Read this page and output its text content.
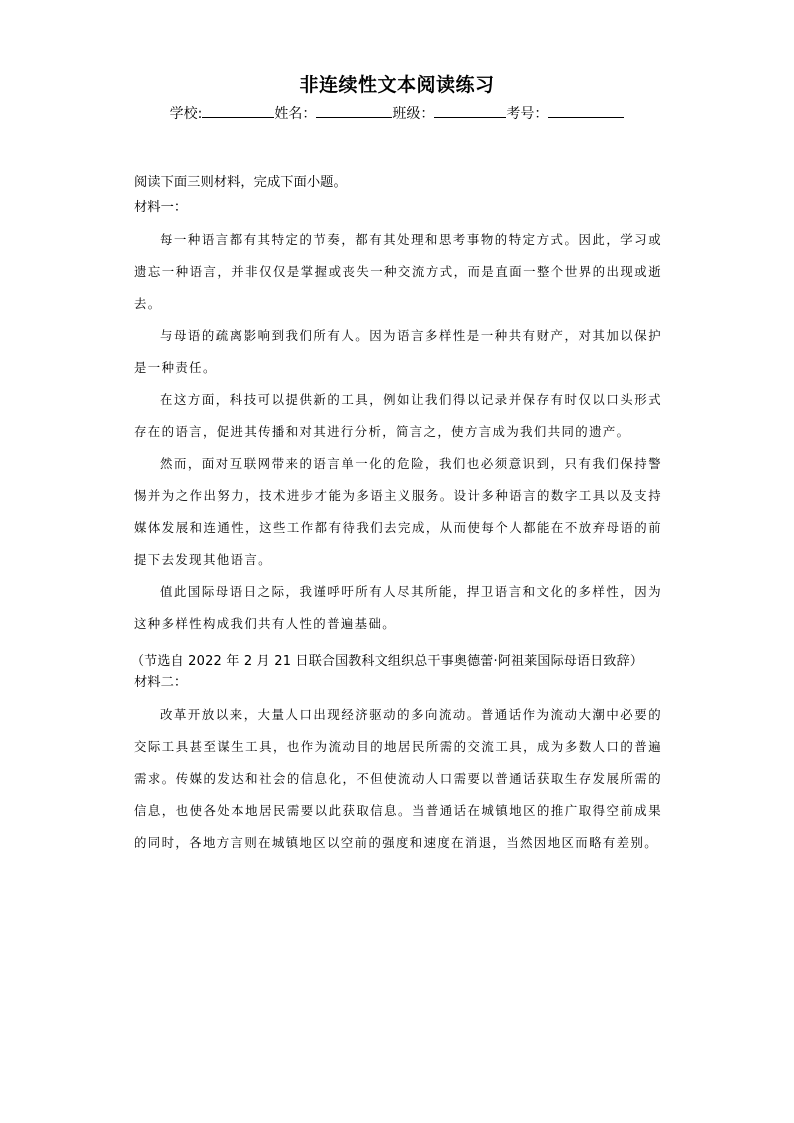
非连续性文本阅读练习
学校:	姓名：	班级：	考号：
阅读下面三则材料，完成下面小题。
材料一：
每一种语言都有其特定的节奏，都有其处理和思考事物的特定方式。因此，学习或遗忘一种语言，并非仅仅是掌握或丧失一种交流方式，而是直面一整个世界的出现或逝去。
与母语的疏离影响到我们所有人。因为语言多样性是一种共有财产，对其加以保护是一种责任。
在这方面，科技可以提供新的工具，例如让我们得以记录并保存有时仅以口头形式存在的语言，促进其传播和对其进行分析，简言之，使方言成为我们共同的遗产。
然而，面对互联网带来的语言单一化的危险，我们也必须意识到，只有我们保持警惕并为之作出努力，技术进步才能为多语主义服务。设计多种语言的数字工具以及支持媒体发展和连通性，这些工作都有待我们去完成，从而使每个人都能在不放弃母语的前提下去发现其他语言。
值此国际母语日之际，我谨呼吁所有人尽其所能，捍卫语言和文化的多样性，因为这种多样性构成我们共有人性的普遍基础。
（节选自 2022 年 2 月 21 日联合国教科文组织总干事奥德蕾·阿祖莱国际母语日致辞）
材料二：
改革开放以来，大量人口出现经济驱动的多向流动。普通话作为流动大潮中必要的交际工具甚至谋生工具，也作为流动目的地居民所需的交流工具，成为多数人口的普遍需求。传媒的发达和社会的信息化，不但使流动人口需要以普通话获取生存发展所需的信息，也使各处本地居民需要以此获取信息。当普通话在城镇地区的推广取得空前成果的同时，各地方言则在城镇地区以空前的强度和速度在消退，当然因地区而略有差别。
